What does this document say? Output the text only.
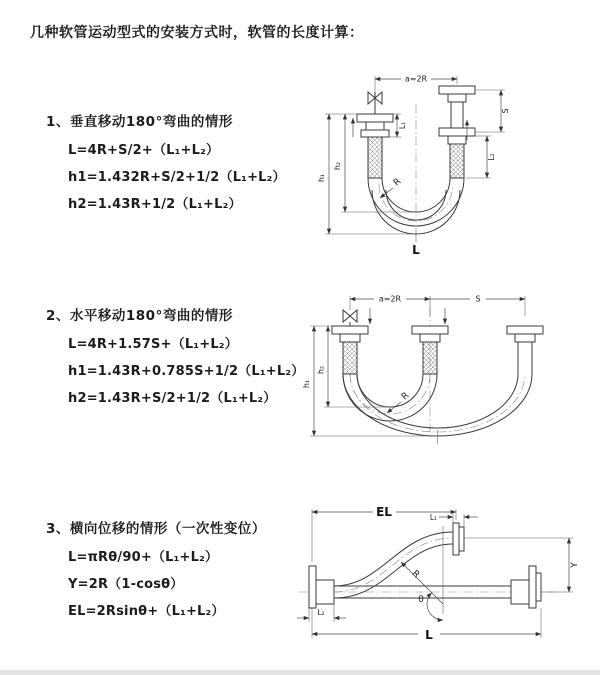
几种软管运动型式的安装方式时，软管的长度计算：
1、垂直移动180°弯曲的情形
L=4R+S/2+（L₁+L₂）
h1=1.432R+S/2+1/2（L₁+L₂）
h2=1.43R+1/2（L₁+L₂）
2、水平移动180°弯曲的情形
L=4R+1.57S+（L₁+L₂）
h1=1.43R+0.785S+1/2（L₁+L₂）
h2=1.43R+S/2+1/2（L₁+L₂）
3、横向位移的情形（一次性变位）
L=πRθ/90+（L₁+L₂）
Y=2R（1-cosθ）
EL=2Rsinθ+（L₁+L₂）
a=2R
h₁
h₂
L₁
S
L₂
R
L
a=2R	S
h₁
h₂
R
EL	L₁
Y
R
θ
L
L₂
